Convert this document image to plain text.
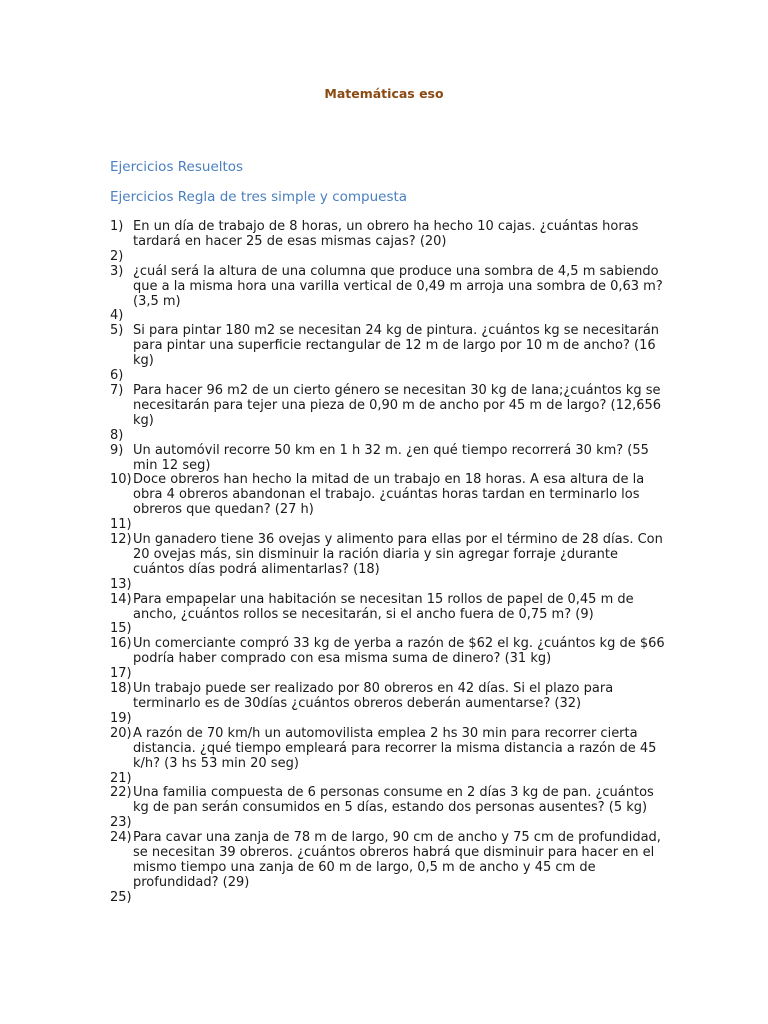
Matemáticas eso
Ejercicios Resueltos
Ejercicios Regla de tres simple y compuesta
1) En un día de trabajo de 8 horas, un obrero ha hecho 10 cajas. ¿cuántas horas tardará en hacer 25 de esas mismas cajas? (20)
2)
3) ¿cuál será la altura de una columna que produce una sombra de 4,5 m sabiendo que a la misma hora una varilla vertical de 0,49 m arroja una sombra de 0,63 m? (3,5 m)
4)
5) Si para pintar 180 m2 se necesitan 24 kg de pintura. ¿cuántos kg se necesitarán para pintar una superficie rectangular de 12 m de largo por 10 m de ancho? (16 kg)
6)
7) Para hacer 96 m2 de un cierto género se necesitan 30 kg de lana;¿cuántos kg se necesitarán para tejer una pieza de 0,90 m de ancho por 45 m de largo? (12,656 kg)
8)
9) Un automóvil recorre 50 km en 1 h 32 m. ¿en qué tiempo recorrerá 30 km? (55 min 12 seg)
10) Doce obreros han hecho la mitad de un trabajo en 18 horas. A esa altura de la obra 4 obreros abandonan el trabajo. ¿cuántas horas tardan en terminarlo los obreros que quedan? (27 h)
11)
12) Un ganadero tiene 36 ovejas y alimento para ellas por el término de 28 días. Con 20 ovejas más, sin disminuir la ración diaria y sin agregar forraje ¿durante cuántos días podrá alimentarlas? (18)
13)
14) Para empapelar una habitación se necesitan 15 rollos de papel de 0,45 m de ancho, ¿cuántos rollos se necesitarán, si el ancho fuera de 0,75 m? (9)
15)
16) Un comerciante compró 33 kg de yerba a razón de $62 el kg. ¿cuántos kg de $66 podría haber comprado con esa misma suma de dinero? (31 kg)
17)
18) Un trabajo puede ser realizado por 80 obreros en 42 días. Si el plazo para terminarlo es de 30días ¿cuántos obreros deberán aumentarse? (32)
19)
20) A razón de 70 km/h un automovilista emplea 2 hs 30 min para recorrer cierta distancia. ¿qué tiempo empleará para recorrer la misma distancia a razón de 45 k/h? (3 hs 53 min 20 seg)
21)
22) Una familia compuesta de 6 personas consume en 2 días 3 kg de pan. ¿cuántos kg de pan serán consumidos en 5 días, estando dos personas ausentes? (5 kg)
23)
24) Para cavar una zanja de 78 m de largo, 90 cm de ancho y 75 cm de profundidad, se necesitan 39 obreros. ¿cuántos obreros habrá que disminuir para hacer en el mismo tiempo una zanja de 60 m de largo, 0,5 m de ancho y 45 cm de profundidad? (29)
25)
